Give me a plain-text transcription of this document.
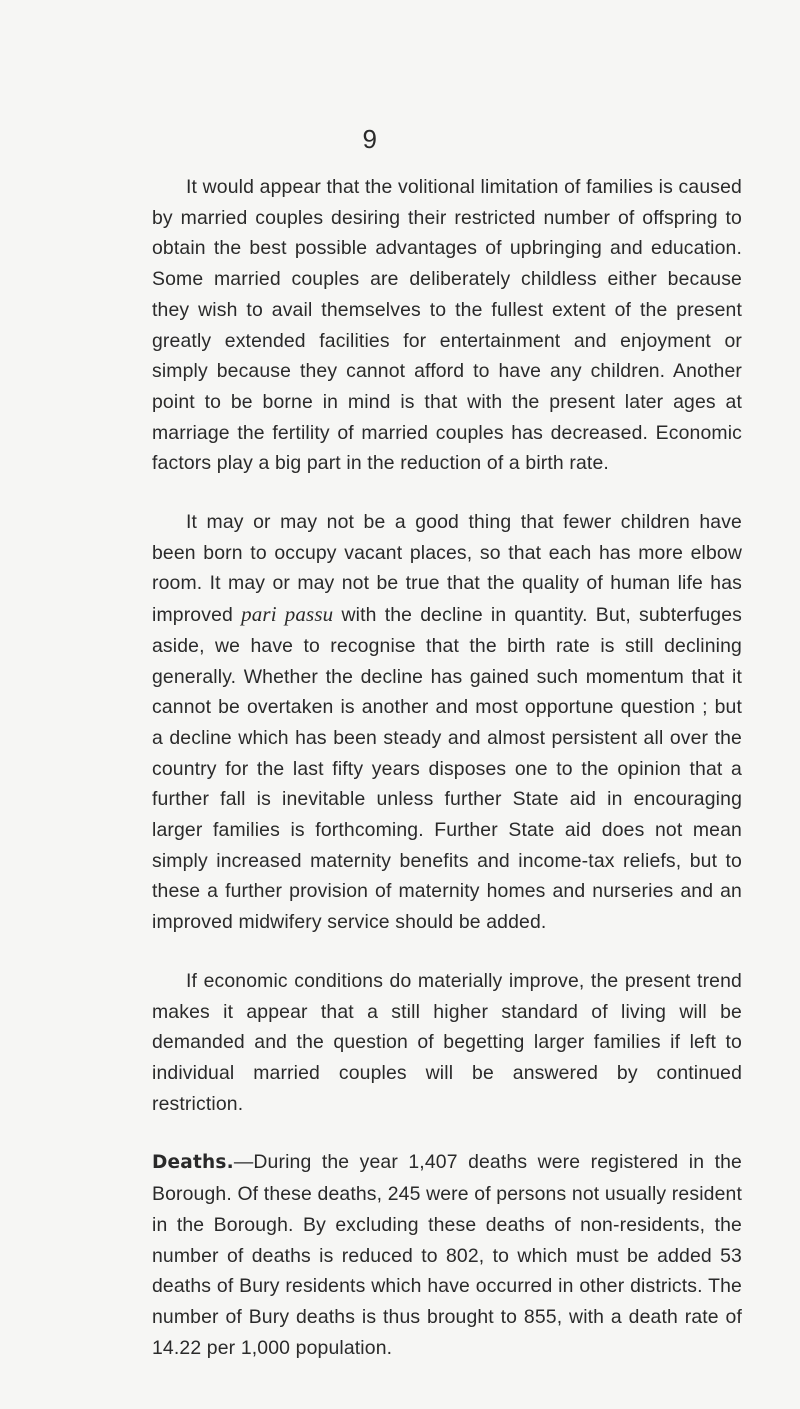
9

It would appear that the volitional limitation of families is caused by married couples desiring their restricted number of offspring to obtain the best possible advantages of upbringing and education. Some married couples are deliberately childless either because they wish to avail themselves to the fullest extent of the present greatly extended facilities for entertainment and enjoyment or simply because they cannot afford to have any children. Another point to be borne in mind is that with the present later ages at marriage the fertility of married couples has decreased. Economic factors play a big part in the reduction of a birth rate.

It may or may not be a good thing that fewer children have been born to occupy vacant places, so that each has more elbow room. It may or may not be true that the quality of human life has improved pari passu with the decline in quantity. But, subterfuges aside, we have to recognise that the birth rate is still declining generally. Whether the decline has gained such momentum that it cannot be overtaken is another and most opportune question ; but a decline which has been steady and almost persistent all over the country for the last fifty years disposes one to the opinion that a further fall is inevitable unless further State aid in encouraging larger families is forthcoming. Further State aid does not mean simply increased maternity benefits and income-tax reliefs, but to these a further provision of maternity homes and nurseries and an improved midwifery service should be added.

If economic conditions do materially improve, the present trend makes it appear that a still higher standard of living will be demanded and the question of begetting larger families if left to individual married couples will be answered by continued restriction.

Deaths.—During the year 1,407 deaths were registered in the Borough. Of these deaths, 245 were of persons not usually resident in the Borough. By excluding these deaths of non-residents, the number of deaths is reduced to 802, to which must be added 53 deaths of Bury residents which have occurred in other districts. The number of Bury deaths is thus brought to 855, with a death rate of 14.22 per 1,000 population.
